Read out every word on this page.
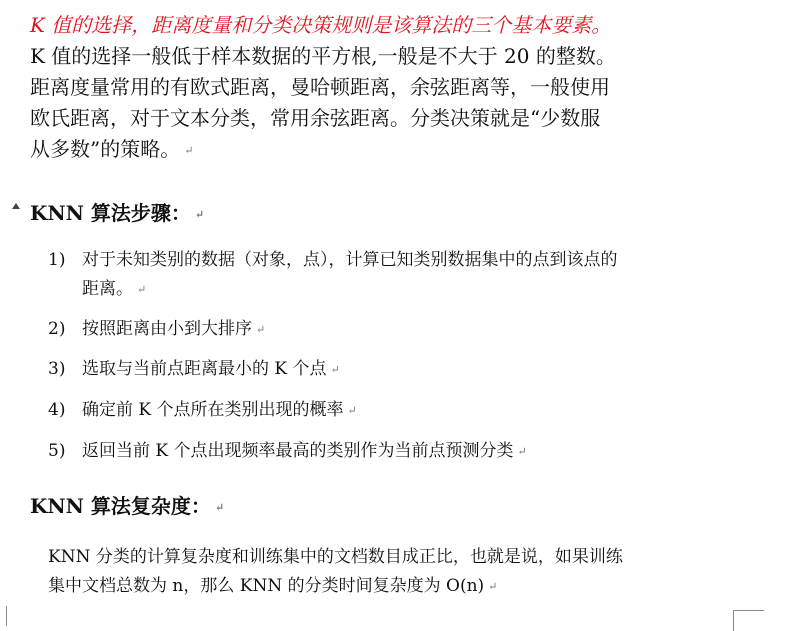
K 值的选择，距离度量和分类决策规则是该算法的三个基本要素。
K 值的选择一般低于样本数据的平方根,一般是不大于 20 的整数。
距离度量常用的有欧式距离，曼哈顿距离，余弦距离等，一般使用
欧氏距离，对于文本分类，常用余弦距离。分类决策就是“少数服
从多数”的策略。 ↵

KNN 算法步骤： ↵

1) 对于未知类别的数据（对象，点），计算已知类别数据集中的点到该点的
距离。 ↵
2) 按照距离由小到大排序 ↵
3) 选取与当前点距离最小的 K 个点 ↵
4) 确定前 K 个点所在类别出现的概率 ↵
5) 返回当前 K 个点出现频率最高的类别作为当前点预测分类 ↵

KNN 算法复杂度： ↵

KNN 分类的计算复杂度和训练集中的文档数目成正比，也就是说，如果训练
集中文档总数为 n，那么 KNN 的分类时间复杂度为 O(n) ↵
